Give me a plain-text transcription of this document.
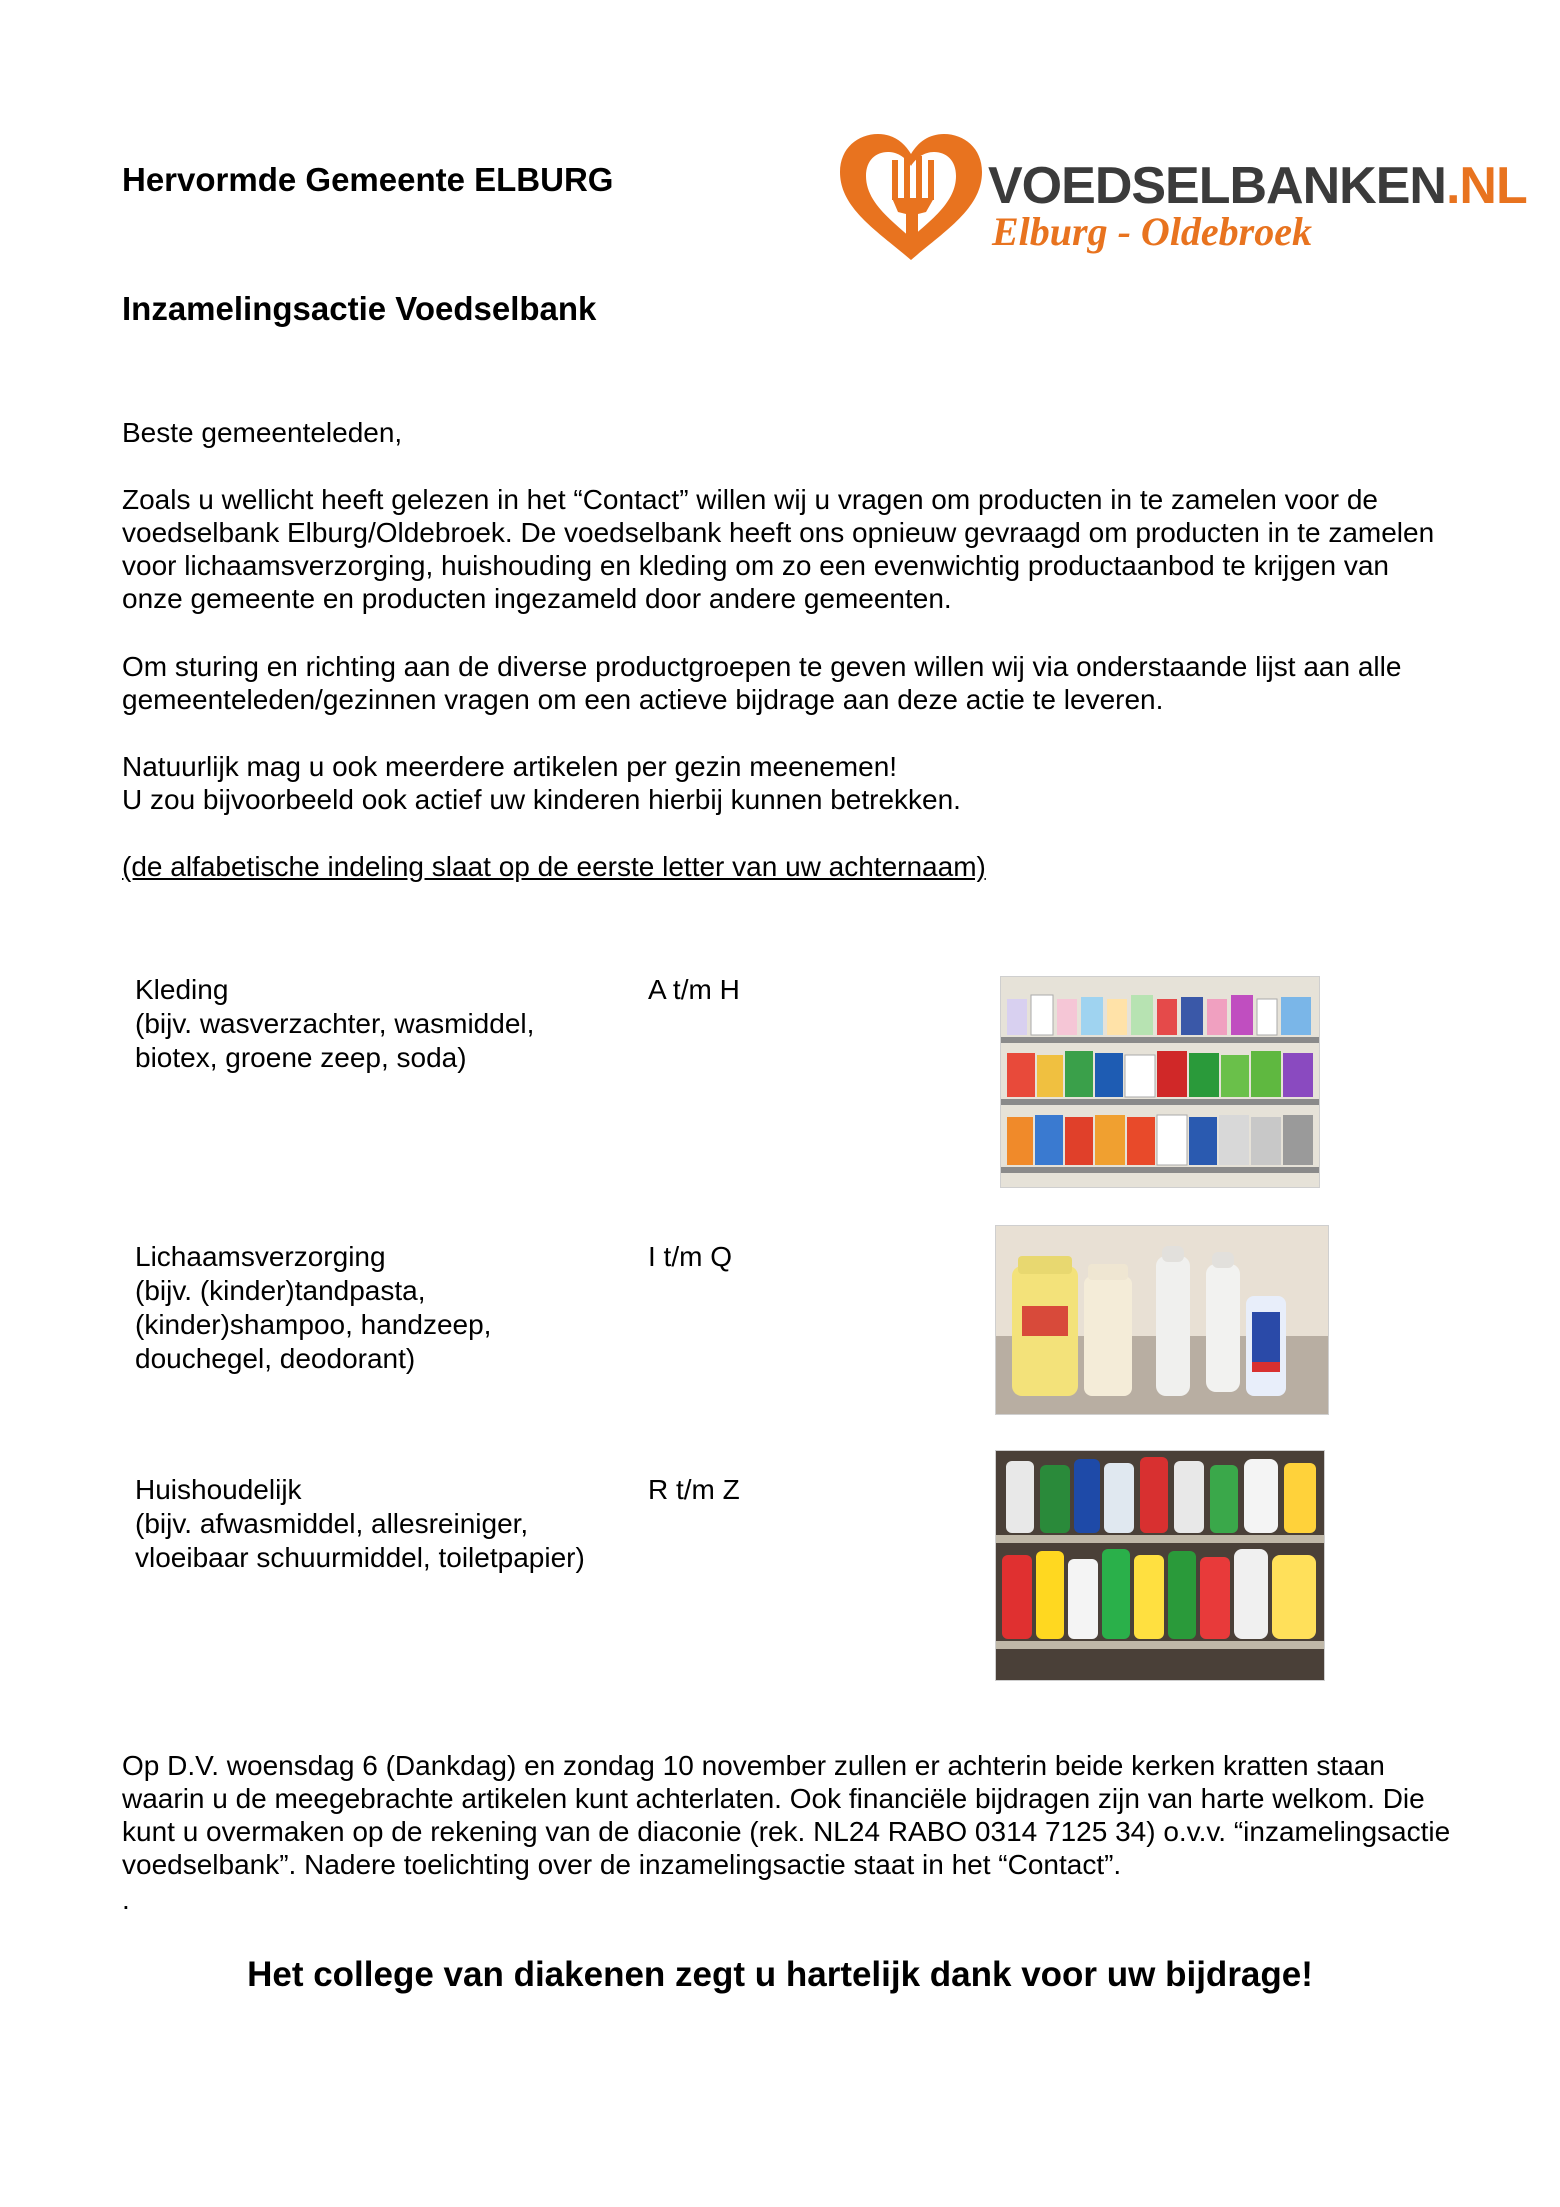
Hervormde Gemeente ELBURG	VOEDSELBANKEN.NL
Elburg - Oldebroek
Inzamelingsactie Voedselbank

Beste gemeenteleden,

Zoals u wellicht heeft gelezen in het “Contact” willen wij u vragen om producten in te zamelen voor de voedselbank Elburg/Oldebroek. De voedselbank heeft ons opnieuw gevraagd om producten in te zamelen voor lichaamsverzorging, huishouding en kleding om zo een evenwichtig productaanbod te krijgen van onze gemeente en producten ingezameld door andere gemeenten.

Om sturing en richting aan de diverse productgroepen te geven willen wij via onderstaande lijst aan alle gemeenteleden/gezinnen vragen om een actieve bijdrage aan deze actie te leveren.

Natuurlijk mag u ook meerdere artikelen per gezin meenemen!

U zou bijvoorbeeld ook actief uw kinderen hierbij kunnen betrekken.

(de alfabetische indeling slaat op de eerste letter van uw achternaam)

Kleding

(bijv. wasverzachter, wasmiddel,
biotex, groene zeep, soda)

A t/m H

Lichaamsverzorging

(bijv. (kinder)tandpasta,
(kinder)shampoo, handzeep,
douchegel, deodorant)

I t/m Q

Huishoudelijk

(bijv. afwasmiddel, allesreiniger,
vloeibaar schuurmiddel, toiletpapier)

R t/m Z

Op D.V. woensdag 6 (Dankdag) en zondag 10 november zullen er achterin beide kerken kratten staan waarin u de meegebrachte artikelen kunt achterlaten. Ook financiële bijdragen zijn van harte welkom. Die kunt u overmaken op de rekening van de diaconie (rek. NL24 RABO 0314 7125 34) o.v.v. “inzamelingsactie voedselbank”. Nadere toelichting over de inzamelingsactie staat in het “Contact”.

.

Het college van diakenen zegt u hartelijk dank voor uw bijdrage!
